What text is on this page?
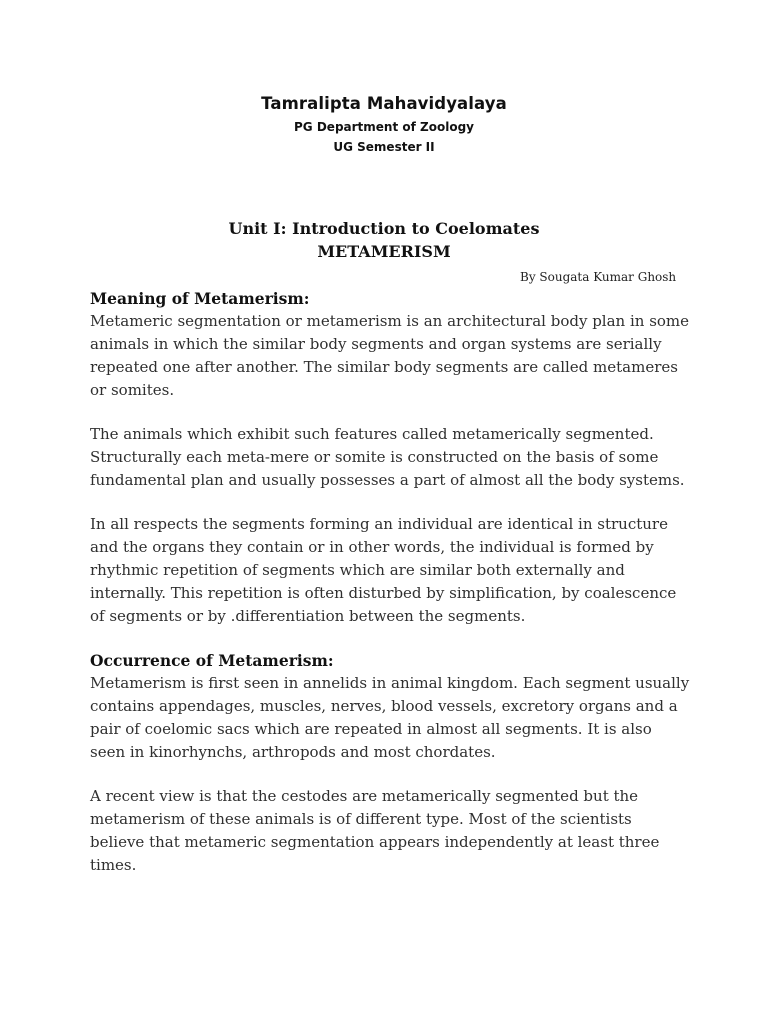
Tamralipta Mahavidyalaya
PG Department of Zoology
UG Semester II
Unit I: Introduction to Coelomates
METAMERISM
By Sougata Kumar Ghosh
Meaning of Metamerism:

Metameric segmentation or metamerism is an architectural body plan in some animals in which the similar body segments and organ systems are serially repeated one after another. The similar body segments are called metameres or somites.

The animals which exhibit such features called metamerically segmented. Structurally each meta-mere or somite is constructed on the basis of some fundamental plan and usually possesses a part of almost all the body systems.

In all respects the segments forming an individual are identical in structure and the organs they contain or in other words, the individual is formed by rhythmic repetition of segments which are similar both externally and internally. This repetition is often disturbed by simplification, by coalescence of segments or by .differentiation between the segments.

Occurrence of Metamerism:

Metamerism is first seen in annelids in animal kingdom. Each segment usually contains appendages, muscles, nerves, blood vessels, excretory organs and a pair of coelomic sacs which are repeated in almost all segments. It is also seen in kinorhynchs, arthropods and most chordates.

A recent view is that the cestodes are metamerically segmented but the metamerism of these animals is of different type. Most of the scientists believe that metameric segmentation appears independently at least three times.
